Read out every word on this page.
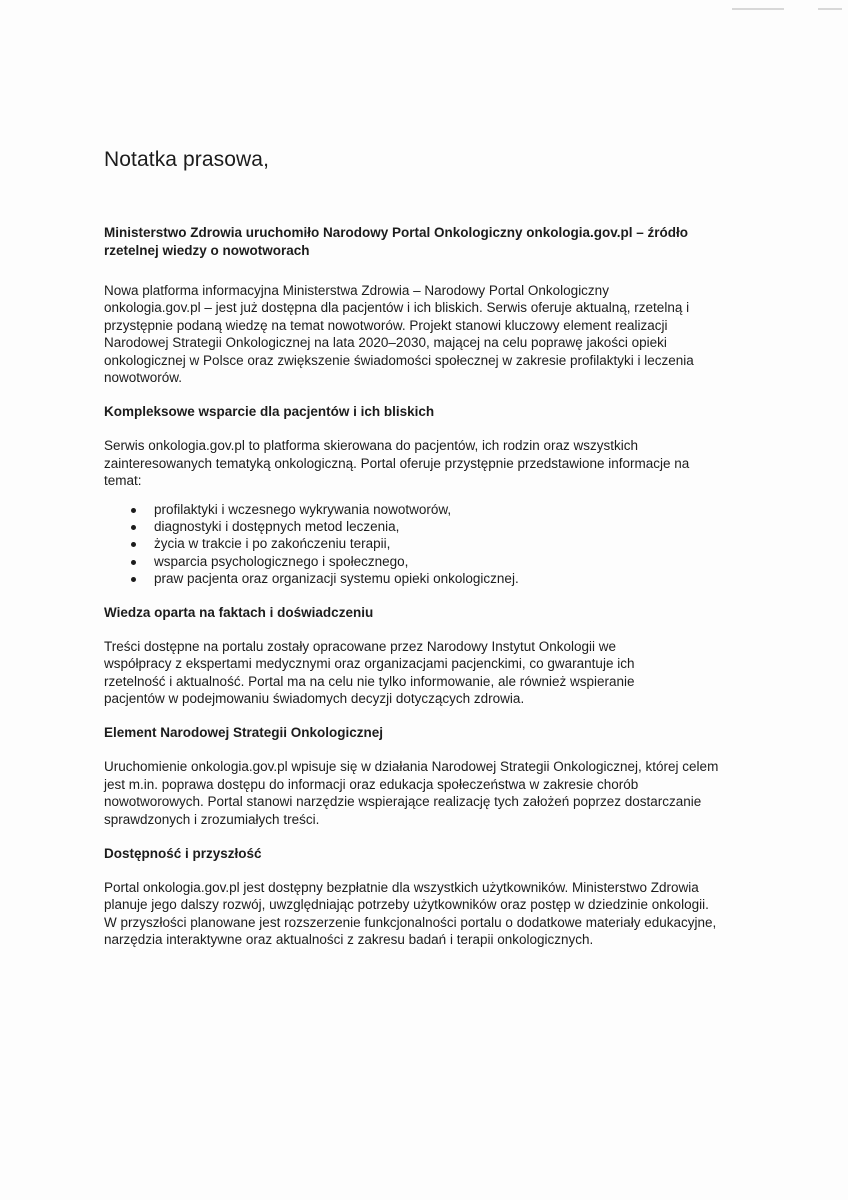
Notatka prasowa,
Ministerstwo Zdrowia uruchomiło Narodowy Portal Onkologiczny onkologia.gov.pl – źródło rzetelnej wiedzy o nowotworach

Nowa platforma informacyjna Ministerstwa Zdrowia – Narodowy Portal Onkologiczny onkologia.gov.pl – jest już dostępna dla pacjentów i ich bliskich. Serwis oferuje aktualną, rzetelną i przystępnie podaną wiedzę na temat nowotworów. Projekt stanowi kluczowy element realizacji Narodowej Strategii Onkologicznej na lata 2020–2030, mającej na celu poprawę jakości opieki onkologicznej w Polsce oraz zwiększenie świadomości społecznej w zakresie profilaktyki i leczenia nowotworów.

Kompleksowe wsparcie dla pacjentów i ich bliskich

Serwis onkologia.gov.pl to platforma skierowana do pacjentów, ich rodzin oraz wszystkich zainteresowanych tematyką onkologiczną. Portal oferuje przystępnie przedstawione informacje na temat:

profilaktyki i wczesnego wykrywania nowotworów,
diagnostyki i dostępnych metod leczenia,
życia w trakcie i po zakończeniu terapii,
wsparcia psychologicznego i społecznego,
praw pacjenta oraz organizacji systemu opieki onkologicznej.
Wiedza oparta na faktach i doświadczeniu

Treści dostępne na portalu zostały opracowane przez Narodowy Instytut Onkologii we współpracy z ekspertami medycznymi oraz organizacjami pacjenckimi, co gwarantuje ich rzetelność i aktualność. Portal ma na celu nie tylko informowanie, ale również wspieranie pacjentów w podejmowaniu świadomych decyzji dotyczących zdrowia.

Element Narodowej Strategii Onkologicznej

Uruchomienie onkologia.gov.pl wpisuje się w działania Narodowej Strategii Onkologicznej, której celem jest m.in. poprawa dostępu do informacji oraz edukacja społeczeństwa w zakresie chorób nowotworowych. Portal stanowi narzędzie wspierające realizację tych założeń poprzez dostarczanie sprawdzonych i zrozumiałych treści.

Dostępność i przyszłość

Portal onkologia.gov.pl jest dostępny bezpłatnie dla wszystkich użytkowników. Ministerstwo Zdrowia planuje jego dalszy rozwój, uwzględniając potrzeby użytkowników oraz postęp w dziedzinie onkologii. W przyszłości planowane jest rozszerzenie funkcjonalności portalu o dodatkowe materiały edukacyjne, narzędzia interaktywne oraz aktualności z zakresu badań i terapii onkologicznych.
